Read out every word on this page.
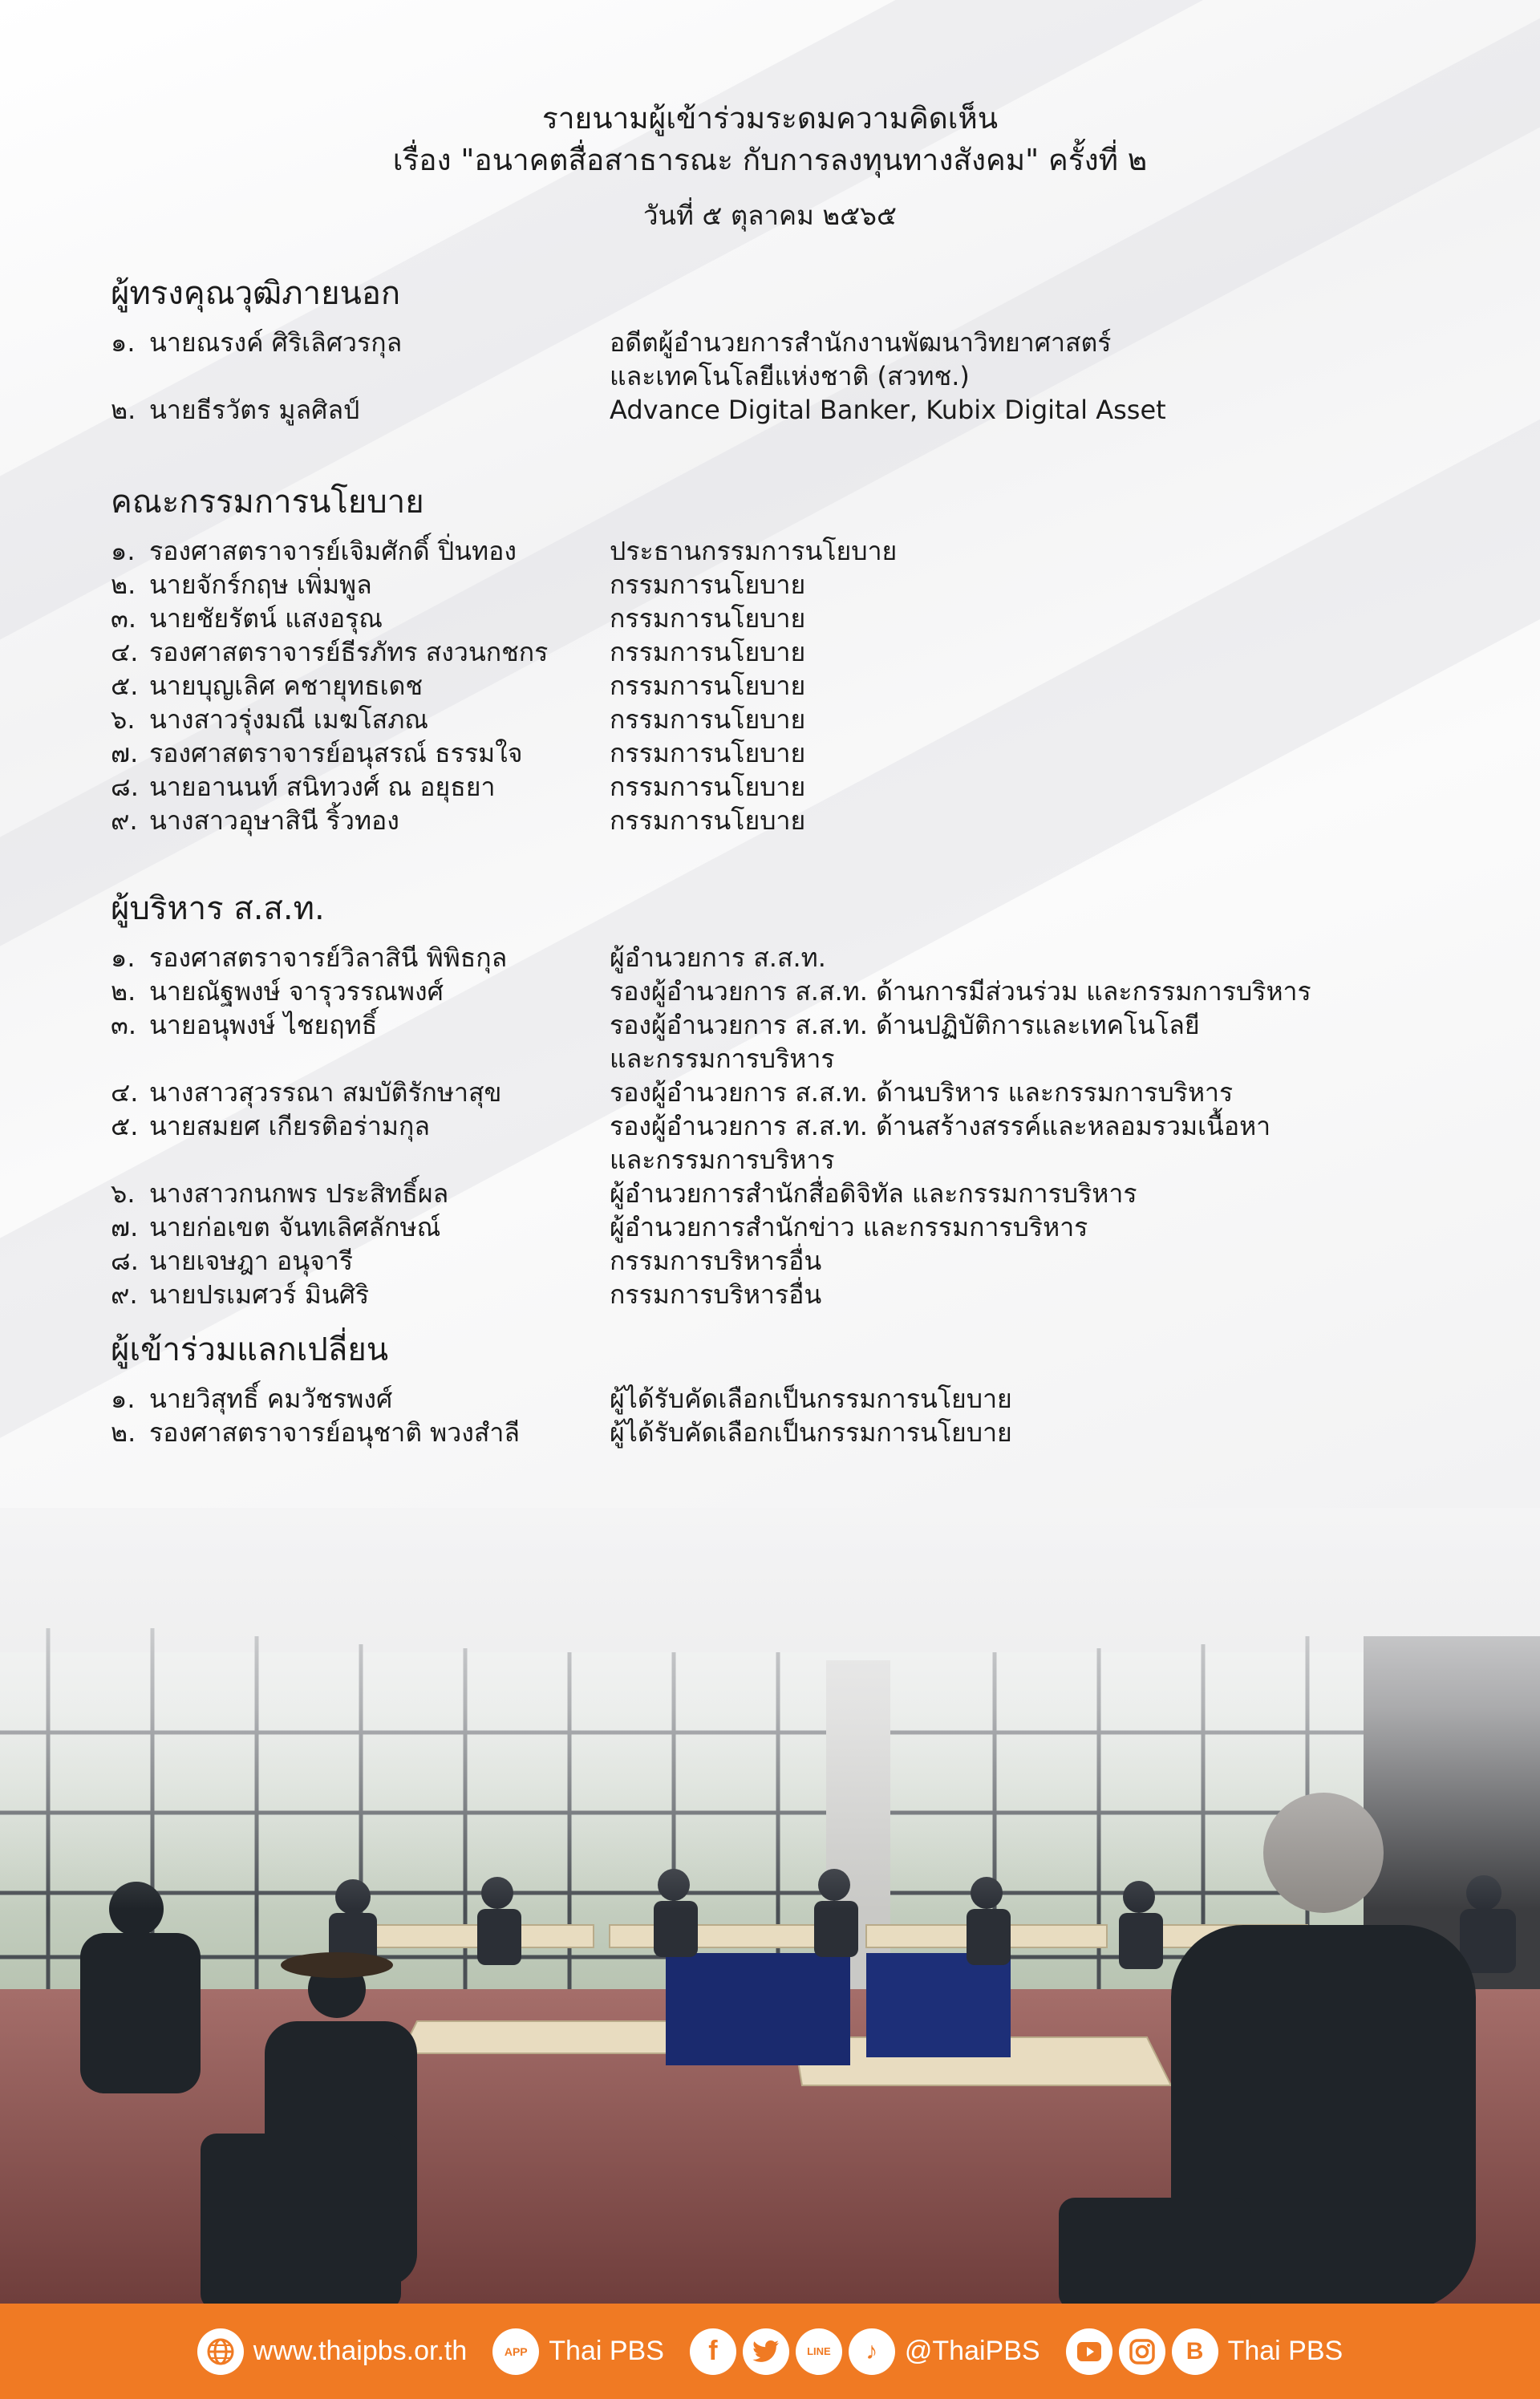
รายนามผู้เข้าร่วมระดมความคิดเห็น
เรื่อง "อนาคตสื่อสาธารณะ กับการลงทุนทางสังคม" ครั้งที่ ๒
วันที่ ๕ ตุลาคม ๒๕๖๕
ผู้ทรงคุณวุฒิภายนอก
๑. นายณรงค์ ศิริเลิศวรกุล	อดีตผู้อำนวยการสำนักงานพัฒนาวิทยาศาสตร์
และเทคโนโลยีแห่งชาติ (สวทช.)
๒. นายธีรวัตร มูลศิลป์	Advance Digital Banker, Kubix Digital Asset
คณะกรรมการนโยบาย
๑. รองศาสตราจารย์เจิมศักดิ์ ปิ่นทอง	ประธานกรรมการนโยบาย
๒. นายจักร์กฤษ เพิ่มพูล	กรรมการนโยบาย
๓. นายชัยรัตน์ แสงอรุณ	กรรมการนโยบาย
๔. รองศาสตราจารย์ธีรภัทร สงวนกชกร	กรรมการนโยบาย
๕. นายบุญเลิศ คชายุทธเดช	กรรมการนโยบาย
๖. นางสาวรุ่งมณี เมฆโสภณ	กรรมการนโยบาย
๗. รองศาสตราจารย์อนุสรณ์ ธรรมใจ	กรรมการนโยบาย
๘. นายอานนท์ สนิทวงศ์ ณ อยุธยา	กรรมการนโยบาย
๙. นางสาวอุษาสินี ริ้วทอง	กรรมการนโยบาย
ผู้บริหาร ส.ส.ท.
๑. รองศาสตราจารย์วิลาสินี พิพิธกุล	ผู้อำนวยการ ส.ส.ท.
๒. นายณัฐพงษ์ จารุวรรณพงศ์	รองผู้อำนวยการ ส.ส.ท. ด้านการมีส่วนร่วม และกรรมการบริหาร
๓. นายอนุพงษ์ ไชยฤทธิ์	รองผู้อำนวยการ ส.ส.ท. ด้านปฏิบัติการและเทคโนโลยี
และกรรมการบริหาร
๔. นางสาวสุวรรณา สมบัติรักษาสุข	รองผู้อำนวยการ ส.ส.ท. ด้านบริหาร และกรรมการบริหาร
๕. นายสมยศ เกียรติอร่ามกุล	รองผู้อำนวยการ ส.ส.ท. ด้านสร้างสรรค์และหลอมรวมเนื้อหา
และกรรมการบริหาร
๖. นางสาวกนกพร ประสิทธิ์ผล	ผู้อำนวยการสำนักสื่อดิจิทัล และกรรมการบริหาร
๗. นายก่อเขต จันทเลิศลักษณ์	ผู้อำนวยการสำนักข่าว และกรรมการบริหาร
๘. นายเจษฎา อนุจารี	กรรมการบริหารอื่น
๙. นายปรเมศวร์ มินศิริ	กรรมการบริหารอื่น
ผู้เข้าร่วมแลกเปลี่ยน
๑. นายวิสุทธิ์ คมวัชรพงศ์	ผู้ได้รับคัดเลือกเป็นกรรมการนโยบาย
๒. รองศาสตราจารย์อนุชาติ พวงสำลี	ผู้ได้รับคัดเลือกเป็นกรรมการนโยบาย
www.thaipbs.or.th	APP Thai PBS	f	LINE	♪ @ThaiPBS	B Thai PBS
